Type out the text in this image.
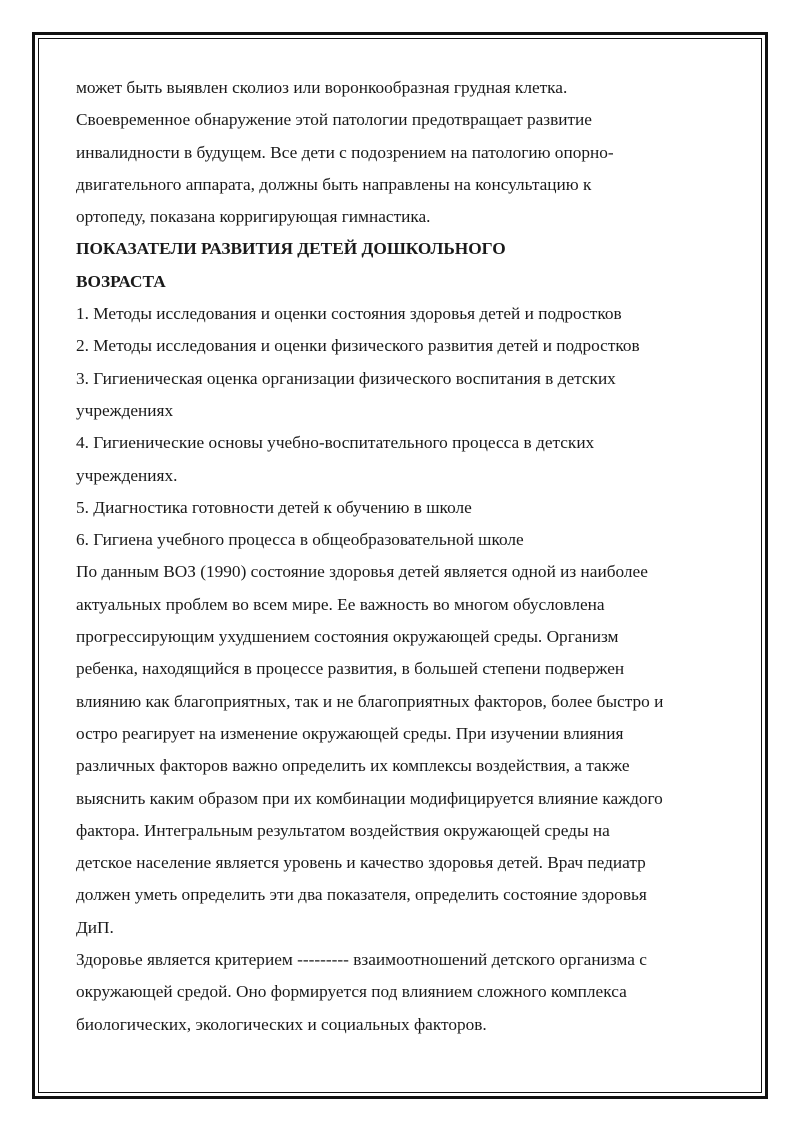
может быть выявлен сколиоз или воронкообразная грудная клетка.
Своевременное обнаружение этой патологии предотвращает развитие
инвалидности в будущем. Все дети с подозрением на патологию опорно-
двигательного аппарата, должны быть направлены на консультацию к
ортопеду, показана корригирующая гимнастика.
ПОКАЗАТЕЛИ РАЗВИТИЯ ДЕТЕЙ ДОШКОЛЬНОГО
ВОЗРАСТА
1. Методы исследования и оценки состояния здоровья детей и подростков
2. Методы исследования и оценки физического развития детей и подростков
3. Гигиеническая оценка организации физического воспитания в детских
учреждениях
4. Гигиенические основы учебно-воспитательного процесса в детских
учреждениях.
5. Диагностика готовности детей к обучению в школе
6. Гигиена учебного процесса в общеобразовательной школе
По данным ВОЗ (1990) состояние здоровья детей является одной из наиболее
актуальных проблем во всем мире. Ее важность во многом обусловлена
прогрессирующим ухудшением состояния окружающей среды. Организм
ребенка, находящийся в процессе развития, в большей степени подвержен
влиянию как благоприятных, так и не благоприятных факторов, более быстро и
остро реагирует на изменение окружающей среды. При изучении влияния
различных факторов важно определить их комплексы воздействия, а также
выяснить каким образом при их комбинации модифицируется влияние каждого
фактора. Интегральным результатом воздействия окружающей среды на
детское население является уровень и качество здоровья детей. Врач педиатр
должен уметь определить эти два показателя, определить состояние здоровья
ДиП.
Здоровье является критерием --------- взаимоотношений детского организма с
окружающей средой. Оно формируется под влиянием сложного комплекса
биологических, экологических и социальных факторов.
